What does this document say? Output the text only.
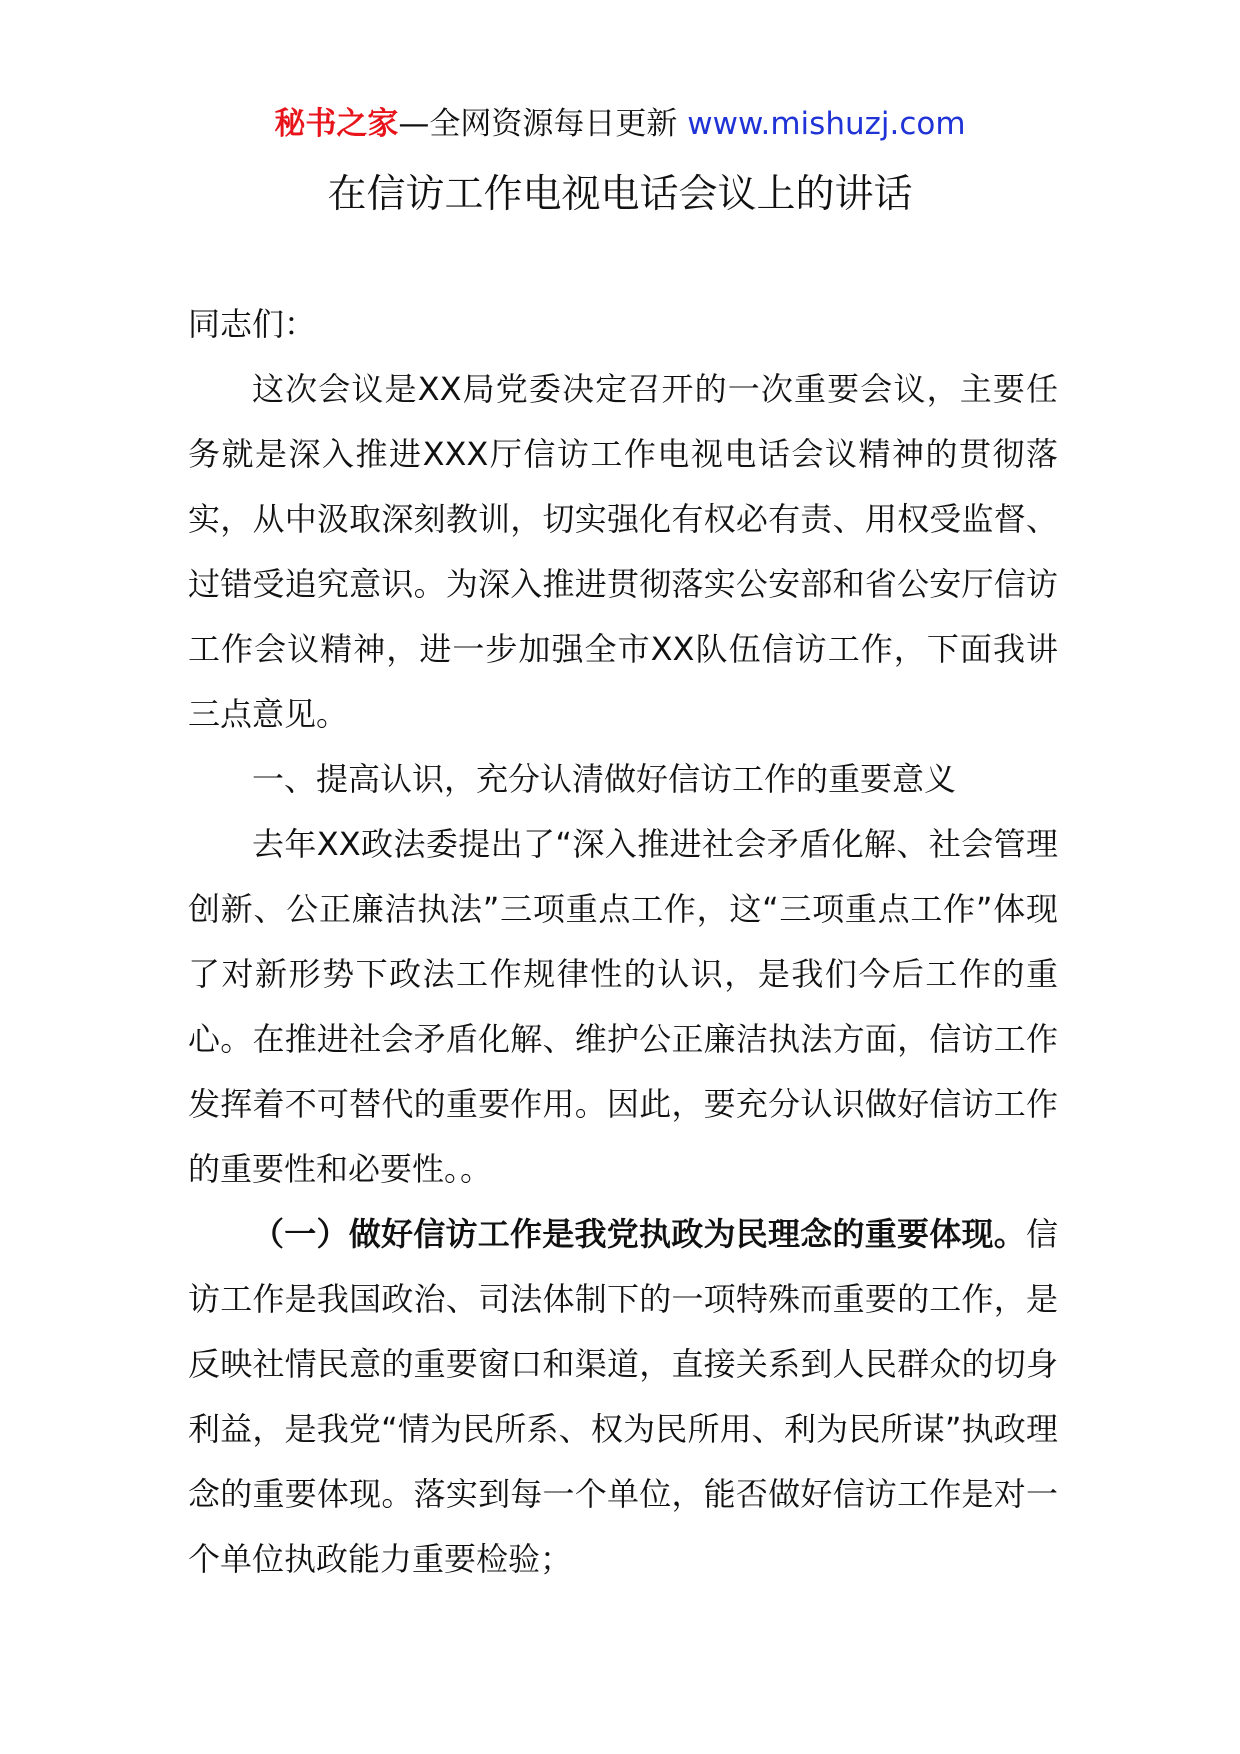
秘书之家—全网资源每日更新 www.mishuzj.com
在信访工作电视电话会议上的讲话

同志们：

这次会议是XX局党委决定召开的一次重要会议，主要任务就是深入推进XXX厅信访工作电视电话会议精神的贯彻落实，从中汲取深刻教训，切实强化有权必有责、用权受监督、过错受追究意识。为深入推进贯彻落实公安部和省公安厅信访工作会议精神，进一步加强全市XX队伍信访工作，下面我讲三点意见。

一、提高认识，充分认清做好信访工作的重要意义

去年XX政法委提出了“深入推进社会矛盾化解、社会管理创新、公正廉洁执法”三项重点工作，这“三项重点工作”体现了对新形势下政法工作规律性的认识，是我们今后工作的重心。在推进社会矛盾化解、维护公正廉洁执法方面，信访工作发挥着不可替代的重要作用。因此，要充分认识做好信访工作的重要性和必要性。。

（一）做好信访工作是我党执政为民理念的重要体现。信访工作是我国政治、司法体制下的一项特殊而重要的工作，是反映社情民意的重要窗口和渠道，直接关系到人民群众的切身利益，是我党“情为民所系、权为民所用、利为民所谋”执政理念的重要体现。落实到每一个单位，能否做好信访工作是对一个单位执政能力重要检验；
